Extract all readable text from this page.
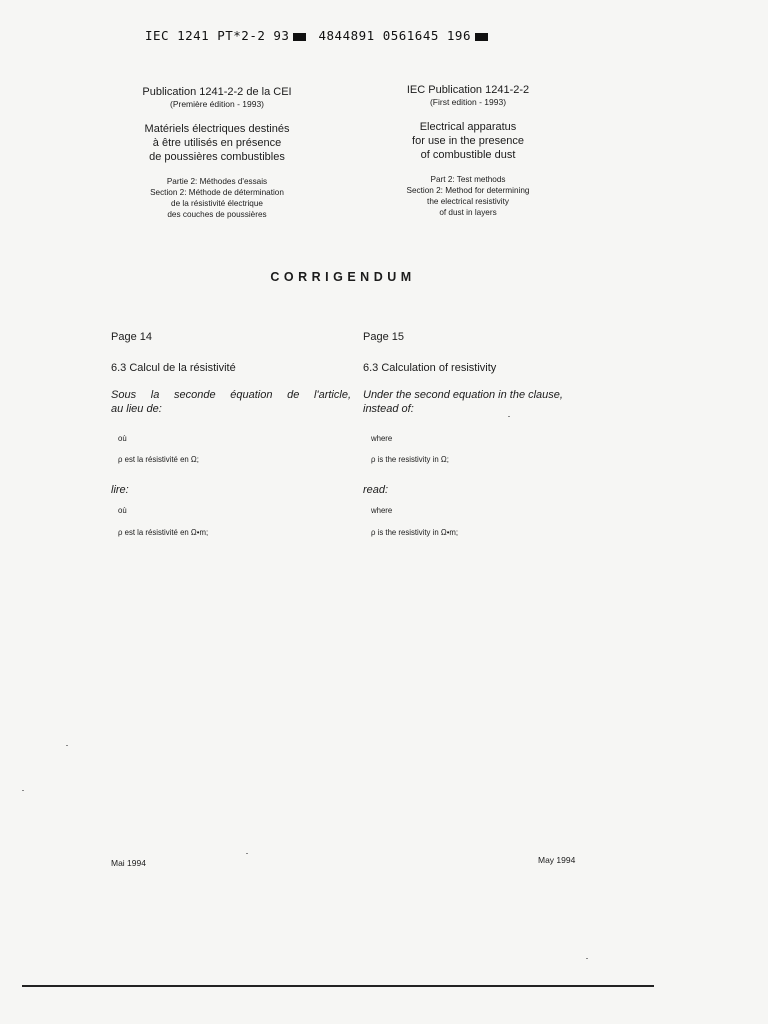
IEC 1241 PT*2-2 93 4844891 0561645 196
Publication 1241-2-2 de la CEI
(Première édition - 1993)
Matériels électriques destinés
à être utilisés en présence
de poussières combustibles
Partie 2: Méthodes d'essais
Section 2: Méthode de détermination
de la résistivité électrique
des couches de poussières
IEC Publication 1241-2-2
(First edition - 1993)
Electrical apparatus
for use in the presence
of combustible dust
Part 2: Test methods
Section 2: Method for determining
the electrical resistivity
of dust in layers
CORRIGENDUM
Page 14
6.3 Calcul de la résistivité
Sous la seconde équation de l'article,
au lieu de:
où
ρ est la résistivité en Ω;
lire:
où
ρ est la résistivité en Ω•m;
Page 15
6.3 Calculation of resistivity
Under the second equation in the clause,
instead of:
where
ρ is the resistivity in Ω;
read:
where
ρ is the resistivity in Ω•m;
Mai 1994	May 1994
